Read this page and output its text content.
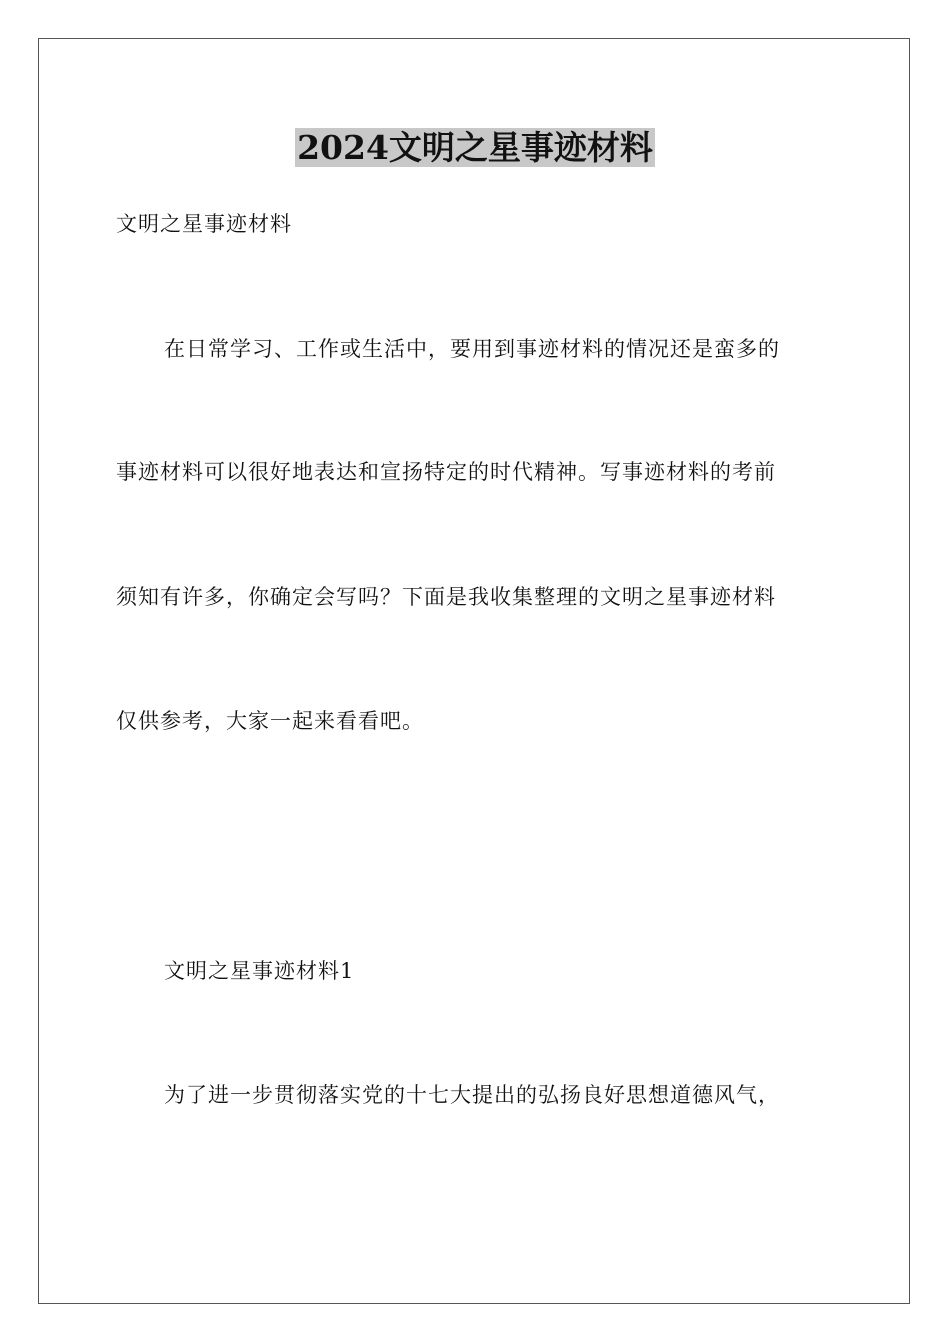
2024文明之星事迹材料
文明之星事迹材料
在日常学习、工作或生活中，要用到事迹材料的情况还是蛮多的
事迹材料可以很好地表达和宣扬特定的时代精神。写事迹材料的考前
须知有许多，你确定会写吗？下面是我收集整理的文明之星事迹材料
仅供参考，大家一起来看看吧。
文明之星事迹材料1
为了进一步贯彻落实党的十七大提出的弘扬良好思想道德风气，
